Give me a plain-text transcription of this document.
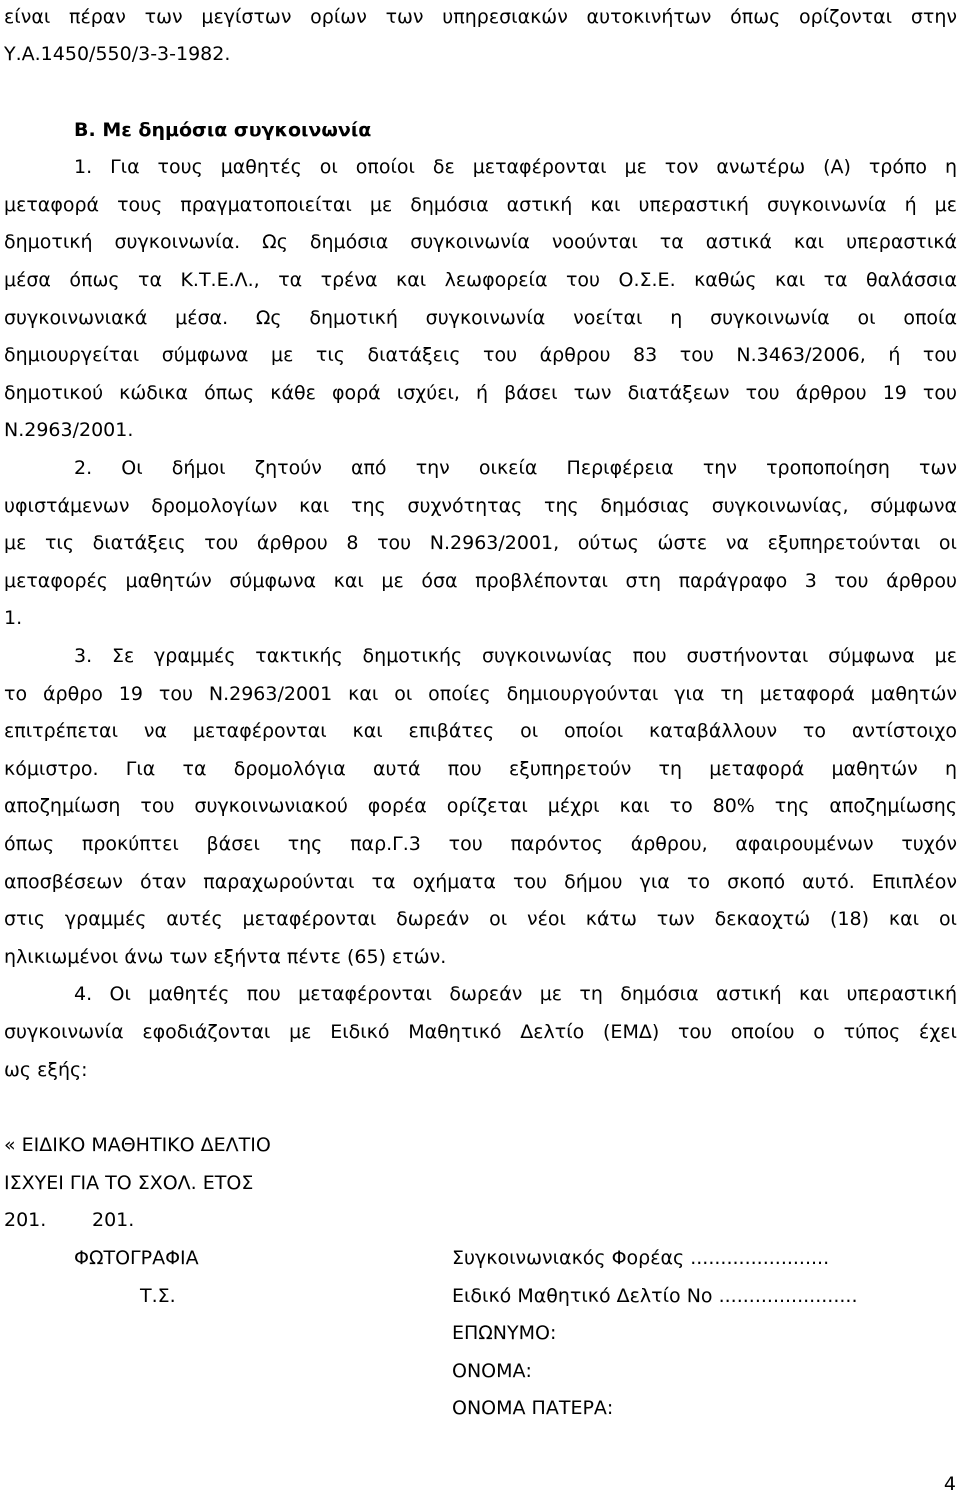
είναι πέραν των μεγίστων ορίων των υπηρεσιακών αυτοκινήτων όπως ορίζονται στην
Υ.Α.1450/550/3-3-1982.
Β. Με δημόσια συγκοινωνία
1. Για τους μαθητές οι οποίοι δε μεταφέρονται με τον ανωτέρω (Α) τρόπο η
μεταφορά τους πραγματοποιείται με δημόσια αστική και υπεραστική συγκοινωνία ή με
δημοτική συγκοινωνία. Ως δημόσια συγκοινωνία νοούνται τα αστικά και υπεραστικά
μέσα όπως τα Κ.Τ.Ε.Λ., τα τρένα και λεωφορεία του Ο.Σ.Ε. καθώς και τα θαλάσσια
συγκοινωνιακά μέσα. Ως δημοτική συγκοινωνία νοείται η συγκοινωνία οι οποία
δημιουργείται σύμφωνα με τις διατάξεις του άρθρου 83 του Ν.3463/2006, ή του
δημοτικού κώδικα όπως κάθε φορά ισχύει, ή βάσει των διατάξεων του άρθρου 19 του
Ν.2963/2001.
2. Οι δήμοι ζητούν από την οικεία Περιφέρεια την τροποποίηση των
υφιστάμενων δρομολογίων και της συχνότητας της δημόσιας συγκοινωνίας, σύμφωνα
με τις διατάξεις του άρθρου 8 του Ν.2963/2001, ούτως ώστε να εξυπηρετούνται οι
μεταφορές μαθητών σύμφωνα και με όσα προβλέπονται στη παράγραφο 3 του άρθρου
1.
3. Σε γραμμές τακτικής δημοτικής συγκοινωνίας που συστήνονται σύμφωνα με
το άρθρο 19 του Ν.2963/2001 και οι οποίες δημιουργούνται για τη μεταφορά μαθητών
επιτρέπεται να μεταφέρονται και επιβάτες οι οποίοι καταβάλλουν το αντίστοιχο
κόμιστρο. Για τα δρομολόγια αυτά που εξυπηρετούν τη μεταφορά μαθητών η
αποζημίωση του συγκοινωνιακού φορέα ορίζεται μέχρι και το 80% της αποζημίωσης
όπως προκύπτει βάσει της παρ.Γ.3 του παρόντος άρθρου, αφαιρουμένων τυχόν
αποσβέσεων όταν παραχωρούνται τα οχήματα του δήμου για το σκοπό αυτό. Επιπλέον
στις γραμμές αυτές μεταφέρονται δωρεάν οι νέοι κάτω των δεκαοχτώ (18) και οι
ηλικιωμένοι άνω των εξήντα πέντε (65) ετών.
4. Οι μαθητές που μεταφέρονται δωρεάν με τη δημόσια αστική και υπεραστική
συγκοινωνία εφοδιάζονται με Ειδικό Μαθητικό Δελτίο (ΕΜΔ) του οποίου ο τύπος έχει
ως εξής:
« ΕΙΔΙΚΟ ΜΑΘΗΤΙΚΟ ΔΕΛΤΙΟ
ΙΣΧΥΕΙ ΓΙΑ ΤΟ ΣΧΟΛ. ΕΤΟΣ
201. 201.
ΦΩΤΟΓΡΑΦΙΑ
Τ.Σ.
Συγκοινωνιακός Φορέας .......................
Ειδικό Μαθητικό Δελτίο Νο .......................
ΕΠΩΝΥΜΟ:
ΟΝΟΜΑ:
ΟΝΟΜΑ ΠΑΤΕΡΑ:
4
